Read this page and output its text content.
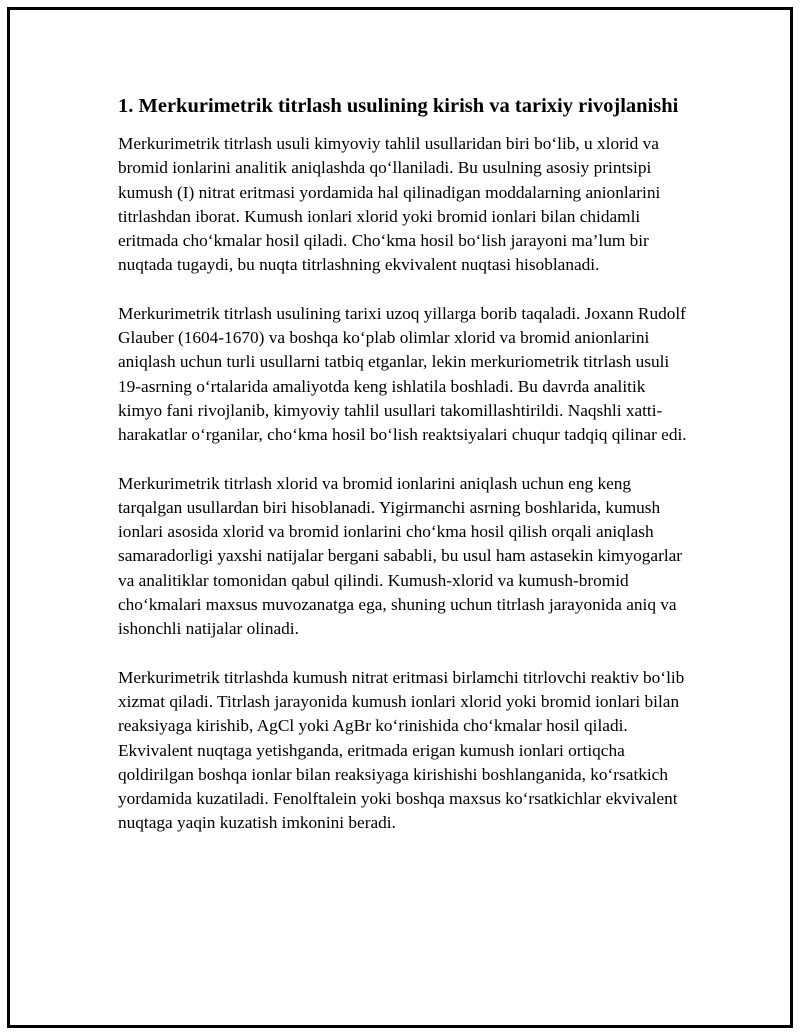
1. Merkurimetrik titrlash usulining kirish va tarixiy rivojlanishi

Merkurimetrik titrlash usuli kimyoviy tahlil usullaridan biri bo‘lib, u xlorid va bromid ionlarini analitik aniqlashda qo‘llaniladi. Bu usulning asosiy printsipi kumush (I) nitrat eritmasi yordamida hal qilinadigan moddalarning anionlarini titrlashdan iborat. Kumush ionlari xlorid yoki bromid ionlari bilan chidamli eritmada cho‘kmalar hosil qiladi. Cho‘kma hosil bo‘lish jarayoni ma’lum bir nuqtada tugaydi, bu nuqta titrlashning ekvivalent nuqtasi hisoblanadi.

Merkurimetrik titrlash usulining tarixi uzoq yillarga borib taqaladi. Joxann Rudolf Glauber (1604-1670) va boshqa ko‘plab olimlar xlorid va bromid anionlarini aniqlash uchun turli usullarni tatbiq etganlar, lekin merkuriometrik titrlash usuli 19-asrning o‘rtalarida amaliyotda keng ishlatila boshladi. Bu davrda analitik kimyo fani rivojlanib, kimyoviy tahlil usullari takomillashtirildi. Naqshli xatti-harakatlar o‘rganilar, cho‘kma hosil bo‘lish reaktsiyalari chuqur tadqiq qilinar edi.

Merkurimetrik titrlash xlorid va bromid ionlarini aniqlash uchun eng keng tarqalgan usullardan biri hisoblanadi. Yigirmanchi asrning boshlarida, kumush ionlari asosida xlorid va bromid ionlarini cho‘kma hosil qilish orqali aniqlash samaradorligi yaxshi natijalar bergani sababli, bu usul ham astasekin kimyogarlar va analitiklar tomonidan qabul qilindi. Kumush-xlorid va kumush-bromid cho‘kmalari maxsus muvozanatga ega, shuning uchun titrlash jarayonida aniq va ishonchli natijalar olinadi.

Merkurimetrik titrlashda kumush nitrat eritmasi birlamchi titrlovchi reaktiv bo‘lib xizmat qiladi. Titrlash jarayonida kumush ionlari xlorid yoki bromid ionlari bilan reaksiyaga kirishib, AgCl yoki AgBr ko‘rinishida cho‘kmalar hosil qiladi. Ekvivalent nuqtaga yetishganda, eritmada erigan kumush ionlari ortiqcha qoldirilgan boshqa ionlar bilan reaksiyaga kirishishi boshlanganida, ko‘rsatkich yordamida kuzatiladi. Fenolftalein yoki boshqa maxsus ko‘rsatkichlar ekvivalent nuqtaga yaqin kuzatish imkonini beradi.
